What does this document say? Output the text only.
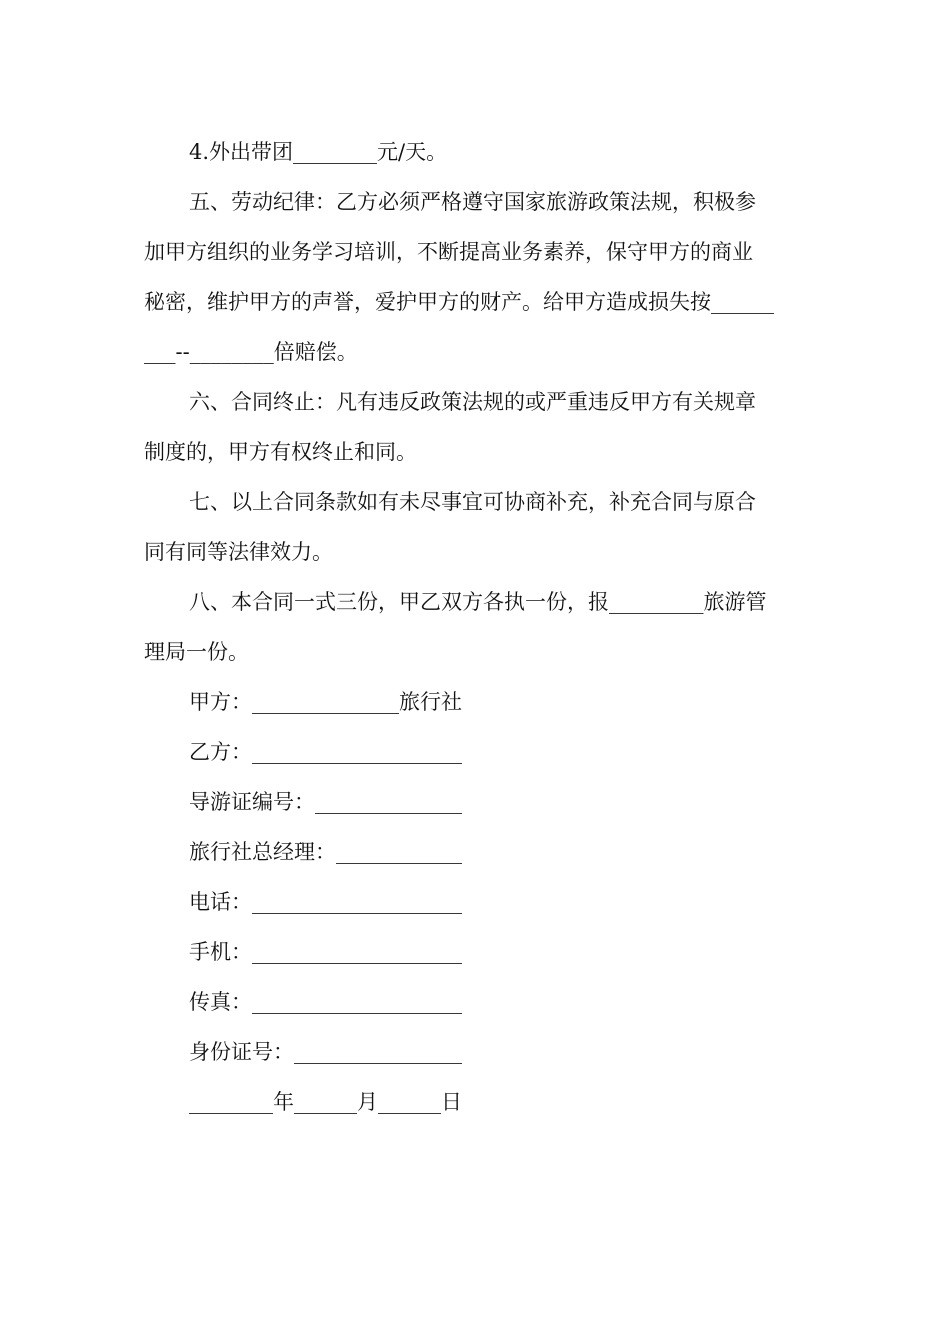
4.外出带团________元/天。
五、劳动纪律：乙方必须严格遵守国家旅游政策法规，积极参
加甲方组织的业务学习培训，不断提高业务素养，保守甲方的商业
秘密，维护甲方的声誉，爱护甲方的财产。给甲方造成损失按______
___--________倍赔偿。
六、合同终止：凡有违反政策法规的或严重违反甲方有关规章
制度的，甲方有权终止和同。
七、以上合同条款如有未尽事宜可协商补充，补充合同与原合
同有同等法律效力。
八、本合同一式三份，甲乙双方各执一份，报_________旅游管
理局一份。
甲方：______________旅行社
乙方：____________________
导游证编号：______________
旅行社总经理：____________
电话：____________________
手机：____________________
传真：____________________
身份证号：________________
________年______月______日
